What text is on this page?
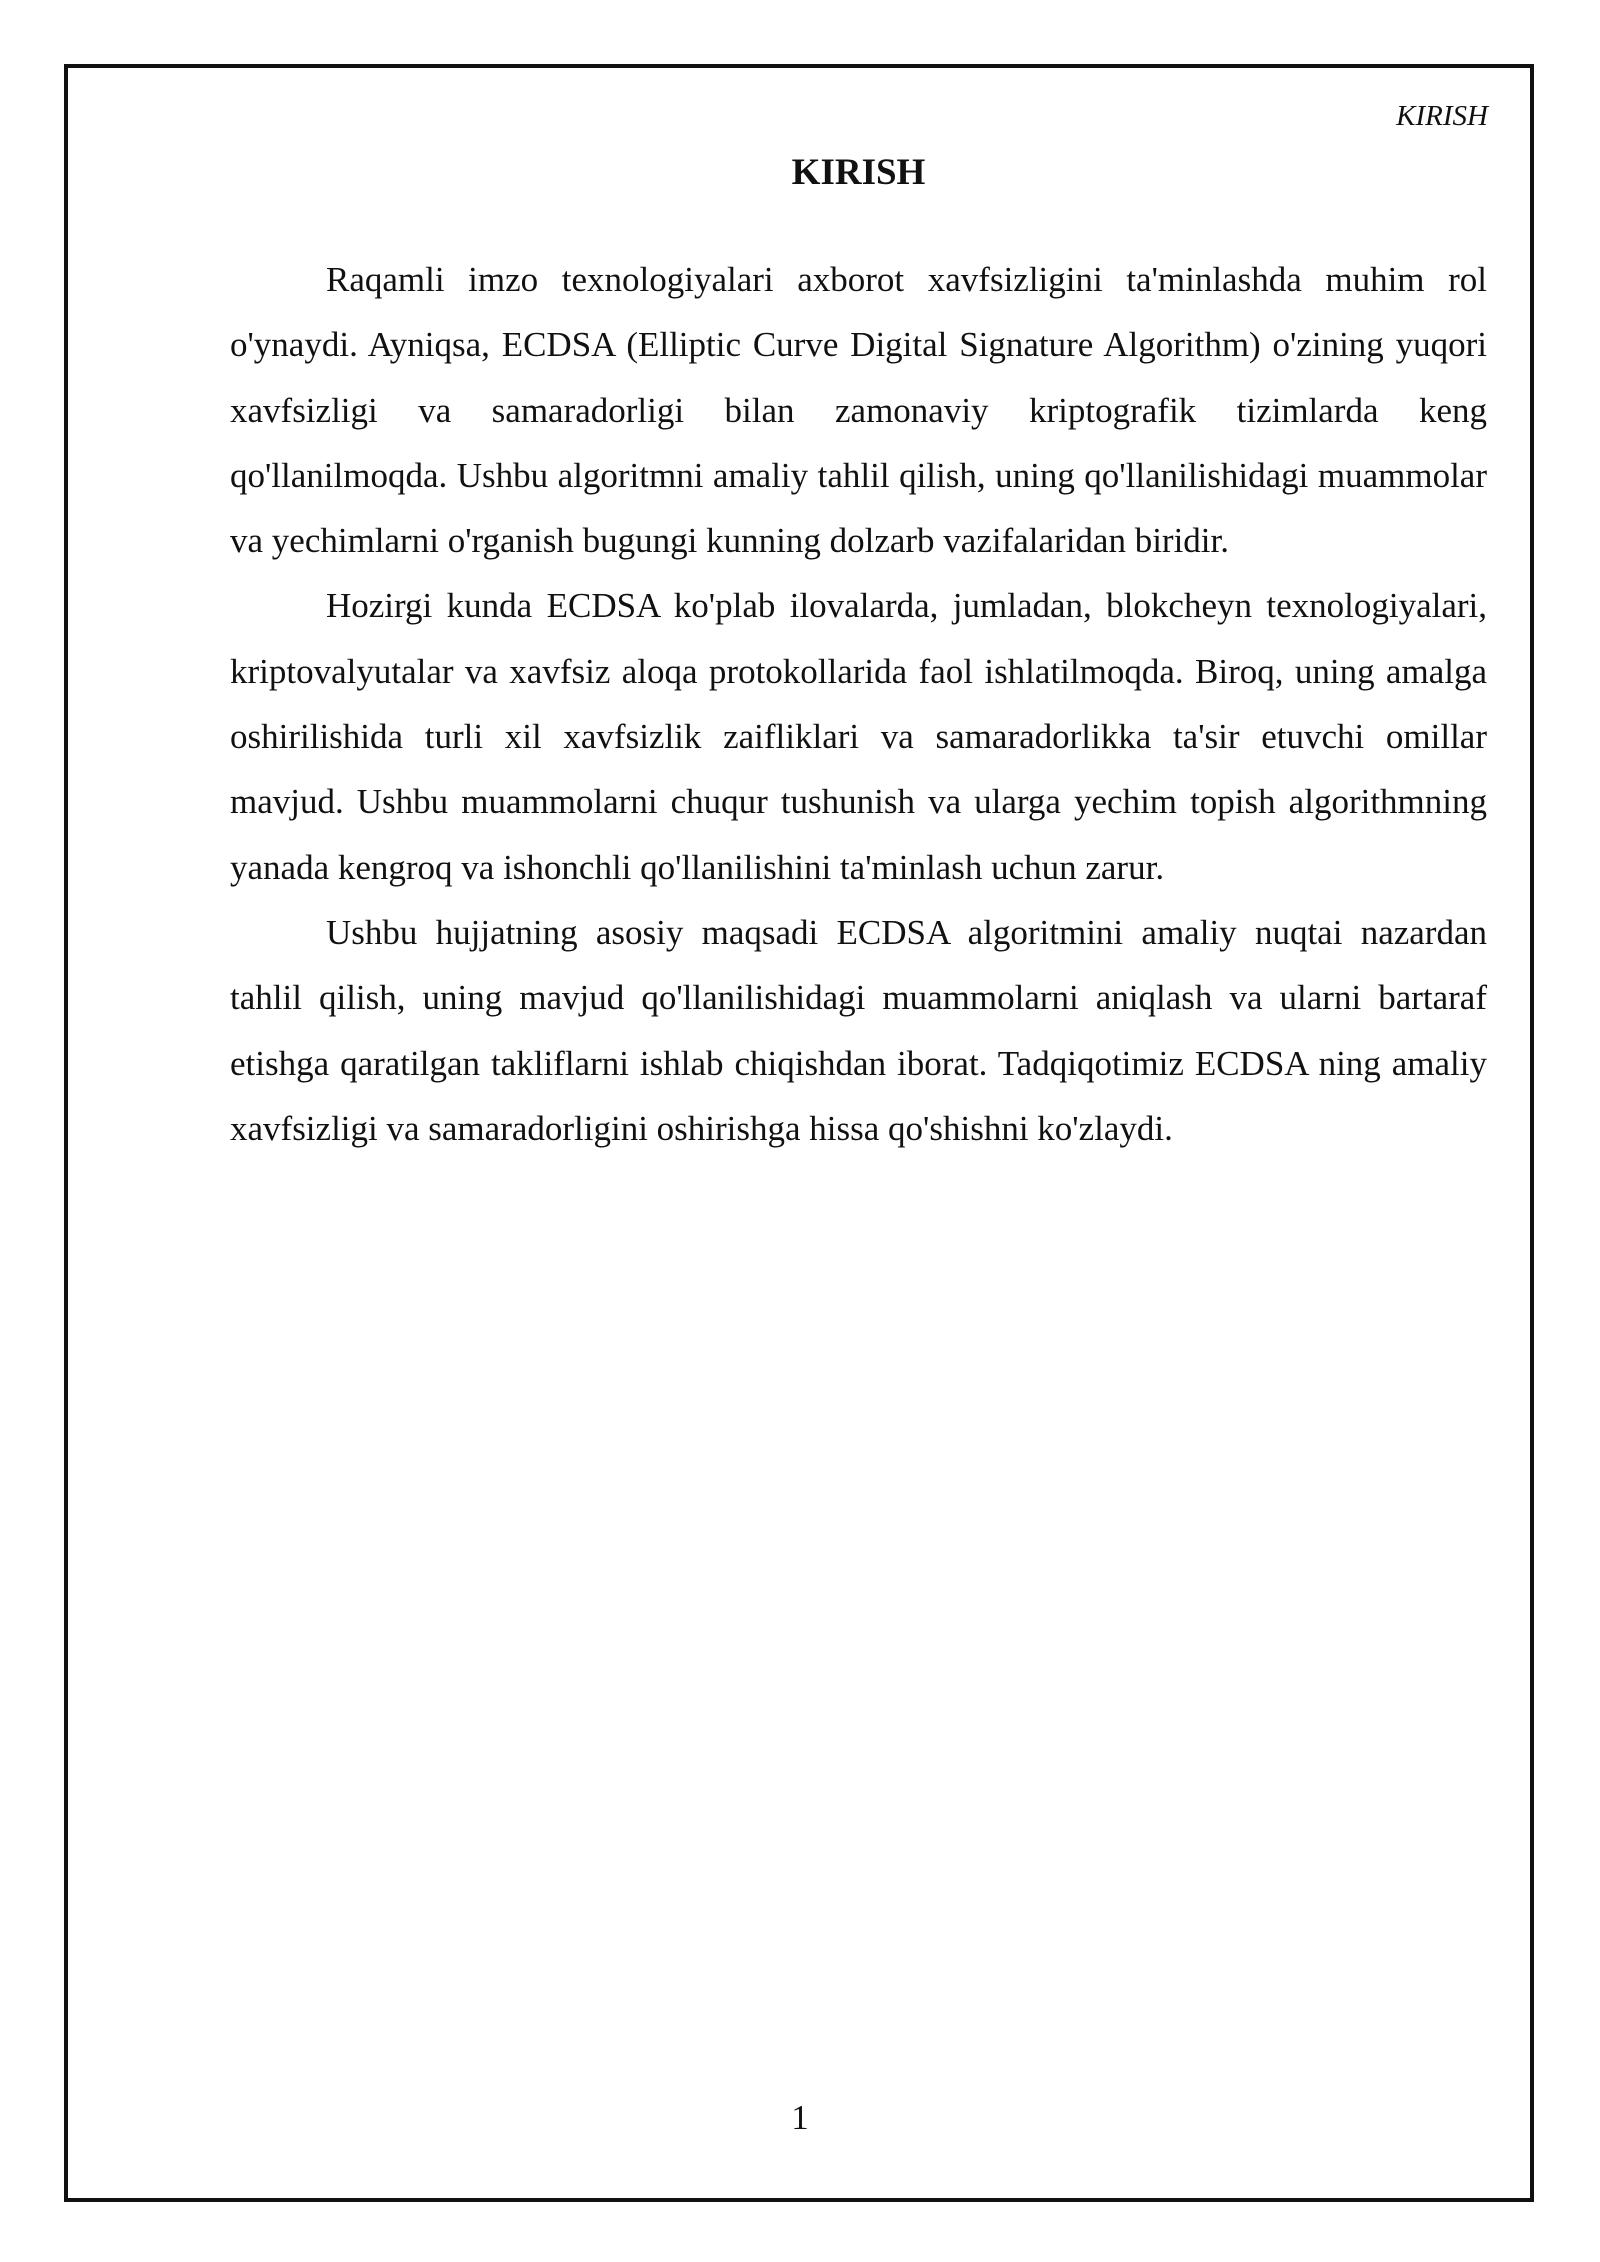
KIRISH
KIRISH

Raqamli imzo texnologiyalari axborot xavfsizligini ta'minlashda muhim rol o'ynaydi. Ayniqsa, ECDSA (Elliptic Curve Digital Signature Algorithm) o'zining yuqori xavfsizligi va samaradorligi bilan zamonaviy kriptografik tizimlarda keng qo'llanilmoqda. Ushbu algoritmni amaliy tahlil qilish, uning qo'llanilishidagi muammolar va yechimlarni o'rganish bugungi kunning dolzarb vazifalaridan biridir.

Hozirgi kunda ECDSA ko'plab ilovalarda, jumladan, blokcheyn texnologiyalari, kriptovalyutalar va xavfsiz aloqa protokollarida faol ishlatilmoqda. Biroq, uning amalga oshirilishida turli xil xavfsizlik zaifliklari va samaradorlikka ta'sir etuvchi omillar mavjud. Ushbu muammolarni chuqur tushunish va ularga yechim topish algorithmning yanada kengroq va ishonchli qo'llanilishini ta'minlash uchun zarur.

Ushbu hujjatning asosiy maqsadi ECDSA algoritmini amaliy nuqtai nazardan tahlil qilish, uning mavjud qo'llanilishidagi muammolarni aniqlash va ularni bartaraf etishga qaratilgan takliflarni ishlab chiqishdan iborat. Tadqiqotimiz ECDSA ning amaliy xavfsizligi va samaradorligini oshirishga hissa qo'shishni ko'zlaydi.

1
